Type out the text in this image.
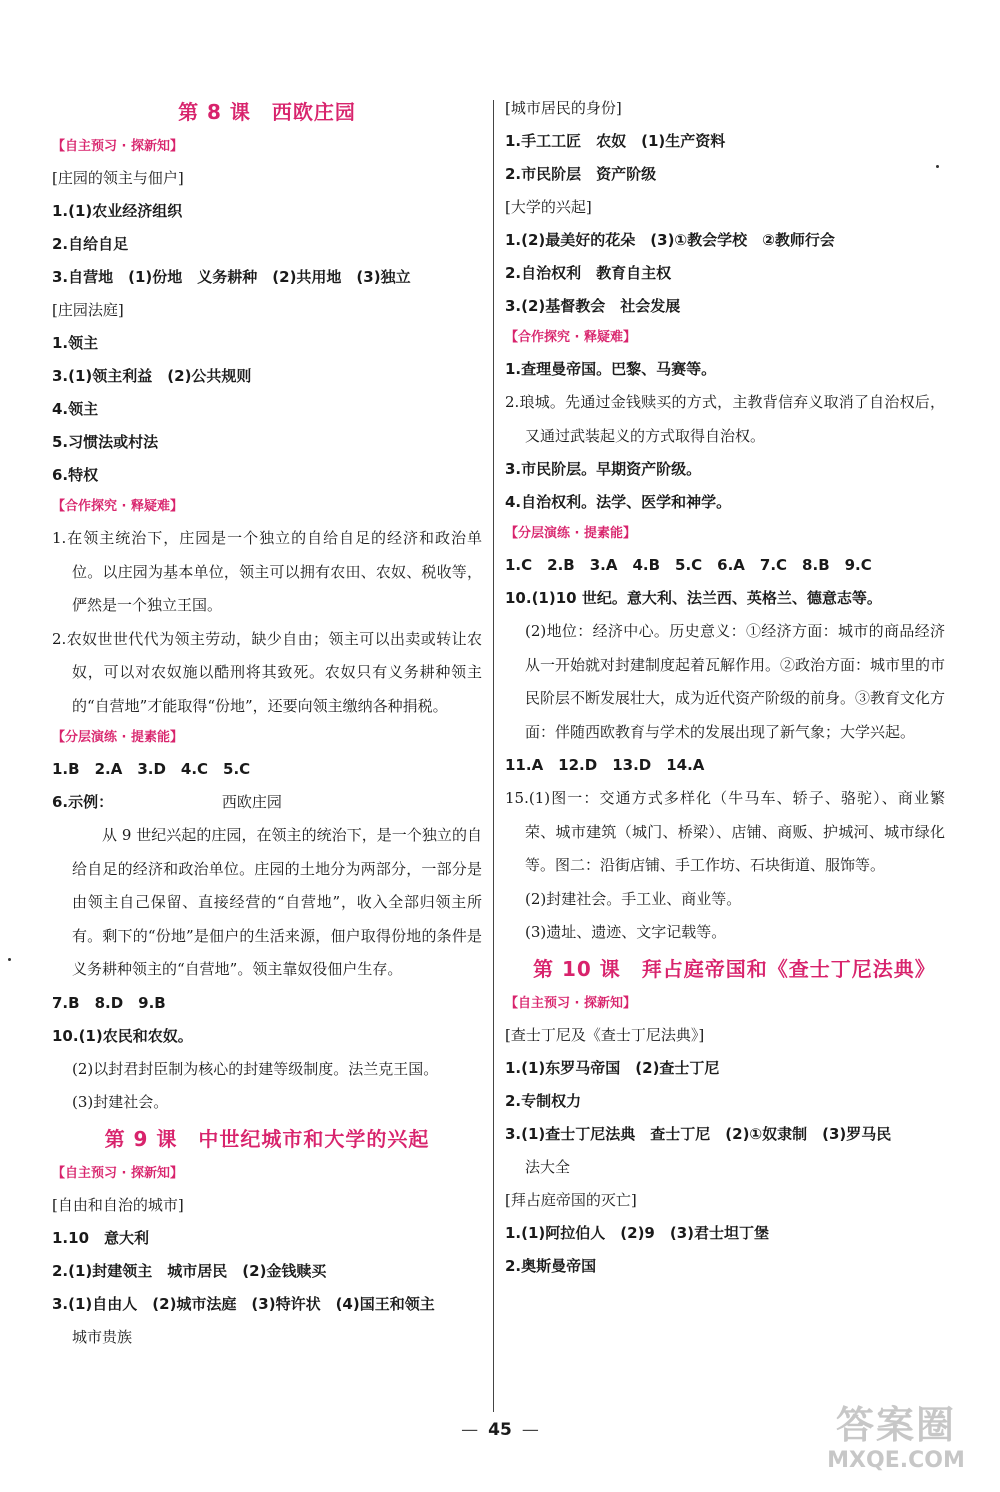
第 8 课　西欧庄园
【自主预习 · 探新知】
[庄园的领主与佃户]
1.(1)农业经济组织
2.自给自足
3.自营地　(1)份地　义务耕种　(2)共用地　(3)独立
[庄园法庭]
1.领主
3.(1)领主利益　(2)公共规则
4.领主
5.习惯法或村法
6.特权
【合作探究 · 释疑难】
1.在领主统治下，庄园是一个独立的自给自足的经济和政治单位。以庄园为基本单位，领主可以拥有农田、农奴、税收等，俨然是一个独立王国。
2.农奴世世代代为领主劳动，缺少自由；领主可以出卖或转让农奴，可以对农奴施以酷刑将其致死。农奴只有义务耕种领主的“自营地”才能取得“份地”，还要向领主缴纳各种捐税。
【分层演练 · 提素能】
1.B　2.A　3.D　4.C　5.C
6.示例：	西欧庄园
从 9 世纪兴起的庄园，在领主的统治下，是一个独立的自给自足的经济和政治单位。庄园的土地分为两部分，一部分是由领主自己保留、直接经营的“自营地”，收入全部归领主所有。剩下的“份地”是佃户的生活来源，佃户取得份地的条件是义务耕种领主的“自营地”。领主靠奴役佃户生存。
7.B　8.D　9.B
10.(1)农民和农奴。
(2)以封君封臣制为核心的封建等级制度。法兰克王国。
(3)封建社会。
第 9 课　中世纪城市和大学的兴起
【自主预习 · 探新知】
[自由和自治的城市]
1.10　意大利
2.(1)封建领主　城市居民　(2)金钱赎买
3.(1)自由人　(2)城市法庭　(3)特许状　(4)国王和领主
城市贵族
[城市居民的身份]
1.手工工匠　农奴　(1)生产资料
2.市民阶层　资产阶级
[大学的兴起]
1.(2)最美好的花朵　(3)①教会学校　②教师行会
2.自治权利　教育自主权
3.(2)基督教会　社会发展
【合作探究 · 释疑难】
1.查理曼帝国。巴黎、马赛等。
2.琅城。先通过金钱赎买的方式，主教背信弃义取消了自治权后，又通过武装起义的方式取得自治权。
3.市民阶层。早期资产阶级。
4.自治权利。法学、医学和神学。
【分层演练 · 提素能】
1.C　2.B　3.A　4.B　5.C　6.A　7.C　8.B　9.C
10.(1)10 世纪。意大利、法兰西、英格兰、德意志等。
(2)地位：经济中心。历史意义：①经济方面：城市的商品经济从一开始就对封建制度起着瓦解作用。②政治方面：城市里的市民阶层不断发展壮大，成为近代资产阶级的前身。③教育文化方面：伴随西欧教育与学术的发展出现了新气象；大学兴起。
11.A　12.D　13.D　14.A
15.(1)图一：交通方式多样化（牛马车、轿子、骆驼）、商业繁荣、城市建筑（城门、桥梁）、店铺、商贩、护城河、城市绿化等。图二：沿街店铺、手工作坊、石块街道、服饰等。
(2)封建社会。手工业、商业等。
(3)遗址、遗迹、文字记载等。
第 10 课　拜占庭帝国和《查士丁尼法典》
【自主预习 · 探新知】
[查士丁尼及《查士丁尼法典》]
1.(1)东罗马帝国　(2)查士丁尼
2.专制权力
3.(1)查士丁尼法典　查士丁尼　(2)①奴隶制　(3)罗马民
法大全
[拜占庭帝国的灭亡]
1.(1)阿拉伯人　(2)9　(3)君士坦丁堡
2.奥斯曼帝国
— 45 —	答案圈
MXQE.COM
